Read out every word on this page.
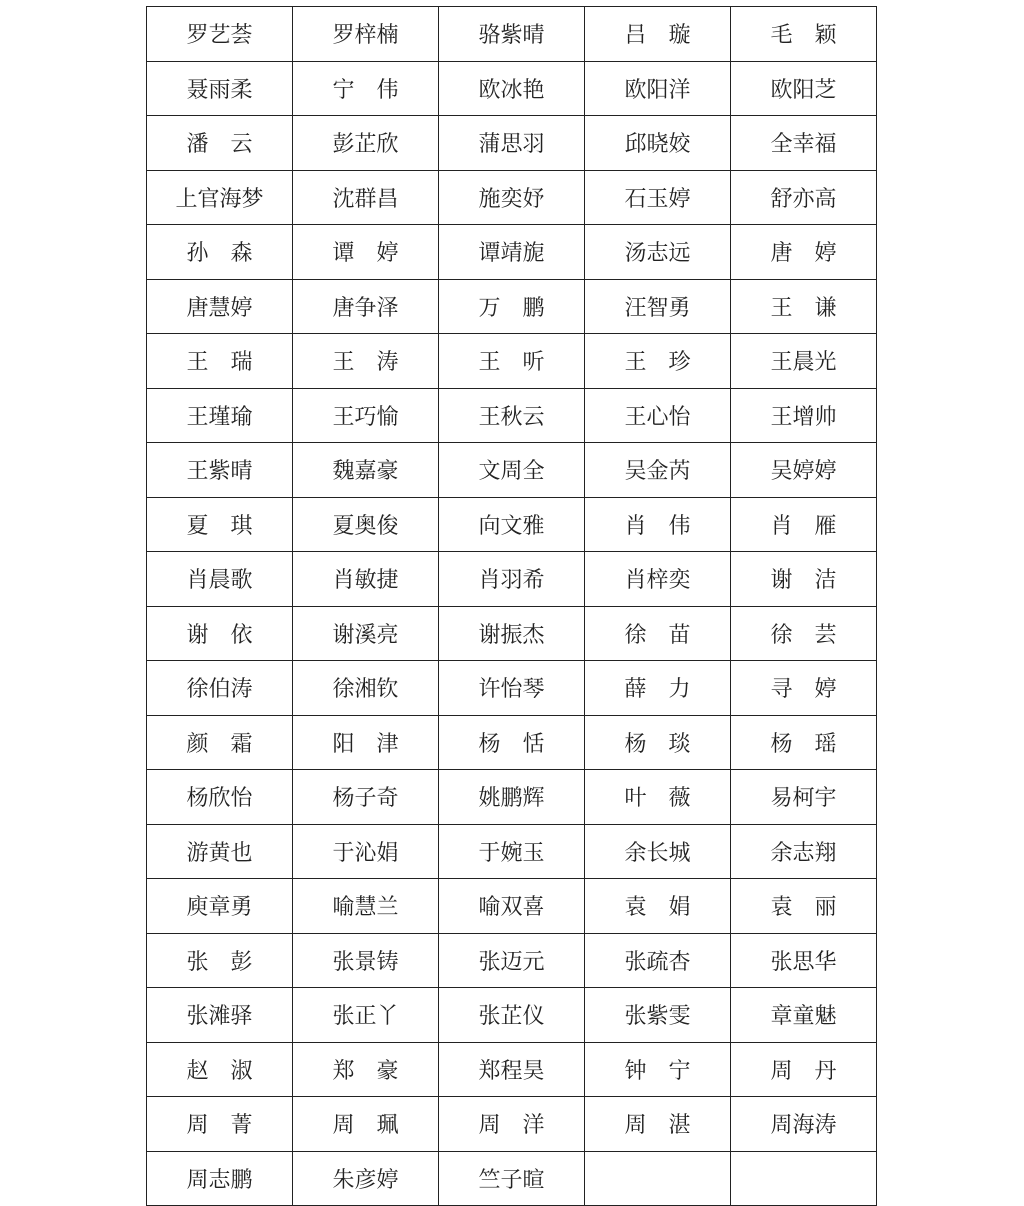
罗艺荟	罗梓楠	骆紫晴	吕　璇	毛　颖
聂雨柔	宁　伟	欧冰艳	欧阳洋	欧阳芝
潘　云	彭芷欣	蒲思羽	邱晓姣	全幸福
上官海梦	沈群昌	施奕妤	石玉婷	舒亦高
孙　森	谭　婷	谭靖旎	汤志远	唐　婷
唐慧婷	唐争泽	万　鹏	汪智勇	王　谦
王　瑞	王　涛	王　听	王　珍	王晨光
王瑾瑜	王巧愉	王秋云	王心怡	王增帅
王紫晴	魏嘉豪	文周全	吴金芮	吴婷婷
夏　琪	夏奥俊	向文雅	肖　伟	肖　雁
肖晨歌	肖敏捷	肖羽希	肖梓奕	谢　洁
谢　依	谢溪亮	谢振杰	徐　苗	徐　芸
徐伯涛	徐湘钦	许怡琴	薛　力	寻　婷
颜　霜	阳　津	杨　恬	杨　琰	杨　瑶
杨欣怡	杨子奇	姚鹏辉	叶　薇	易柯宇
游黄也	于沁娟	于婉玉	余长城	余志翔
庾章勇	喻慧兰	喻双喜	袁　娟	袁　丽
张　彭	张景铸	张迈元	张疏杏	张思华
张滩驿	张正丫	张芷仪	张紫雯	章童魅
赵　淑	郑　豪	郑程昊	钟　宁	周　丹
周　菁	周　珮	周　洋	周　湛	周海涛
周志鹏	朱彦婷	竺子暄		
